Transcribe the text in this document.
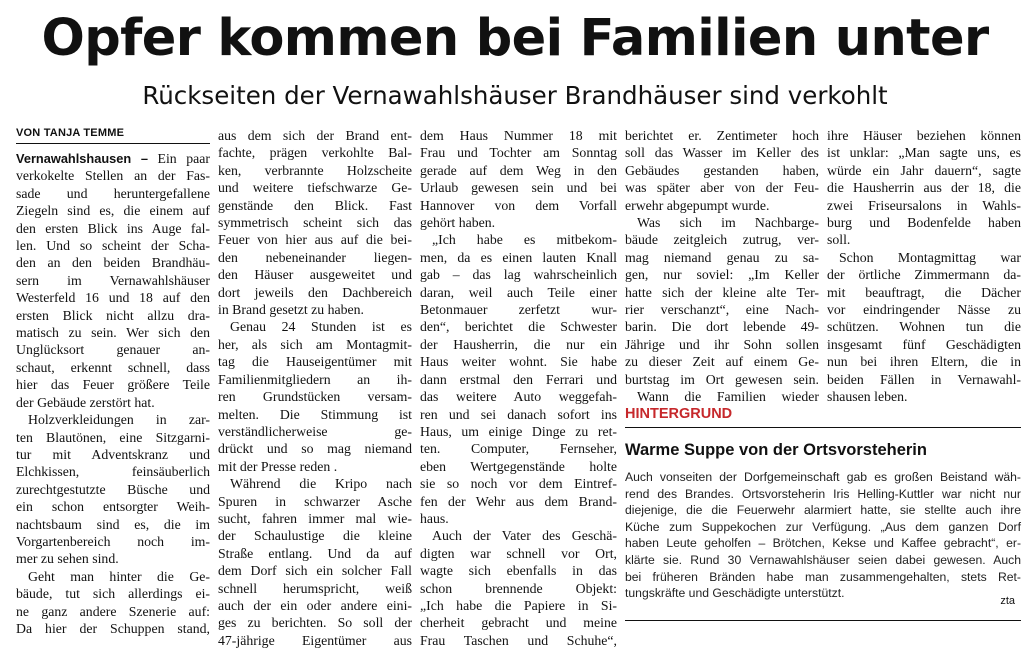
Opfer kommen bei Familien unter
Rückseiten der Vernawahlshäuser Brandhäuser sind verkohlt
VON TANJA TEMME

Vernawahlshausen – Ein paar

verkokelte Stellen an der Fas-

sade und heruntergefallene

Ziegeln sind es, die einem auf

den ersten Blick ins Auge fal-

len. Und so scheint der Scha-

den an den beiden Brandhäu-

sern im Vernawahlshäuser

Westerfeld 16 und 18 auf den

ersten Blick nicht allzu dra-

matisch zu sein. Wer sich den

Unglücksort genauer an-

schaut, erkennt schnell, dass

hier das Feuer größere Teile

der Gebäude zerstört hat.

Holzverkleidungen in zar-

ten Blautönen, eine Sitzgarni-

tur mit Adventskranz und

Elchkissen, feinsäuberlich

zurechtgestutzte Büsche und

ein schon entsorgter Weih-

nachtsbaum sind es, die im

Vorgartenbereich noch im-

mer zu sehen sind.

Geht man hinter die Ge-

bäude, tut sich allerdings ei-

ne ganz andere Szenerie auf:

Da hier der Schuppen stand,

aus dem sich der Brand ent-

fachte, prägen verkohlte Bal-

ken, verbrannte Holzscheite

und weitere tiefschwarze Ge-

genstände den Blick. Fast

symmetrisch scheint sich das

Feuer von hier aus auf die bei-

den nebeneinander liegen-

den Häuser ausgeweitet und

dort jeweils den Dachbereich

in Brand gesetzt zu haben.

Genau 24 Stunden ist es

her, als sich am Montagmit-

tag die Hauseigentümer mit

Familienmitgliedern an ih-

ren Grundstücken versam-

melten. Die Stimmung ist

verständlicherweise ge-

drückt und so mag niemand

mit der Presse reden .

Während die Kripo nach

Spuren in schwarzer Asche

sucht, fahren immer mal wie-

der Schaulustige die kleine

Straße entlang. Und da auf

dem Dorf sich ein solcher Fall

schnell herumspricht, weiß

auch der ein oder andere eini-

ges zu berichten. So soll der

47-jährige Eigentümer aus

dem Haus Nummer 18 mit

Frau und Tochter am Sonntag

gerade auf dem Weg in den

Urlaub gewesen sein und bei

Hannover von dem Vorfall

gehört haben.

„Ich habe es mitbekom-

men, da es einen lauten Knall

gab – das lag wahrscheinlich

daran, weil auch Teile einer

Betonmauer zerfetzt wur-

den“, berichtet die Schwester

der Hausherrin, die nur ein

Haus weiter wohnt. Sie habe

dann erstmal den Ferrari und

das weitere Auto weggefah-

ren und sei danach sofort ins

Haus, um einige Dinge zu ret-

ten. Computer, Fernseher,

eben Wertgegenstände holte

sie so noch vor dem Eintref-

fen der Wehr aus dem Brand-

haus.

Auch der Vater des Geschä-

digten war schnell vor Ort,

wagte sich ebenfalls in das

schon brennende Objekt:

„Ich habe die Papiere in Si-

cherheit gebracht und meine

Frau Taschen und Schuhe“,

berichtet er. Zentimeter hoch

soll das Wasser im Keller des

Gebäudes gestanden haben,

was später aber von der Feu-

erwehr abgepumpt wurde.

Was sich im Nachbarge-

bäude zeitgleich zutrug, ver-

mag niemand genau zu sa-

gen, nur soviel: „Im Keller

hatte sich der kleine alte Ter-

rier verschanzt“, eine Nach-

barin. Die dort lebende 49-

Jährige und ihr Sohn sollen

zu dieser Zeit auf einem Ge-

burtstag im Ort gewesen sein.

Wann die Familien wieder

ihre Häuser beziehen können

ist unklar: „Man sagte uns, es

würde ein Jahr dauern“, sagte

die Hausherrin aus der 18, die

zwei Friseursalons in Wahls-

burg und Bodenfelde haben

soll.

Schon Montagmittag war

der örtliche Zimmermann da-

mit beauftragt, die Dächer

vor eindringender Nässe zu

schützen. Wohnen tun die

insgesamt fünf Geschädigten

nun bei ihren Eltern, die in

beiden Fällen in Vernawahl-

shausen leben.

HINTERGRUND
Warme Suppe von der Ortsvorsteherin

Auch vonseiten der Dorfgemeinschaft gab es großen Beistand wäh-

rend des Brandes. Ortsvorsteherin Iris Helling-Kuttler war nicht nur

diejenige, die die Feuerwehr alarmiert hatte, sie stellte auch ihre

Küche zum Suppekochen zur Verfügung. „Aus dem ganzen Dorf

haben Leute geholfen – Brötchen, Kekse und Kaffee gebracht“, er-

klärte sie. Rund 30 Vernawahlshäuser seien dabei gewesen. Auch

bei früheren Bränden habe man zusammengehalten, stets Ret-

tungskräfte und Geschädigte unterstützt.

zta
